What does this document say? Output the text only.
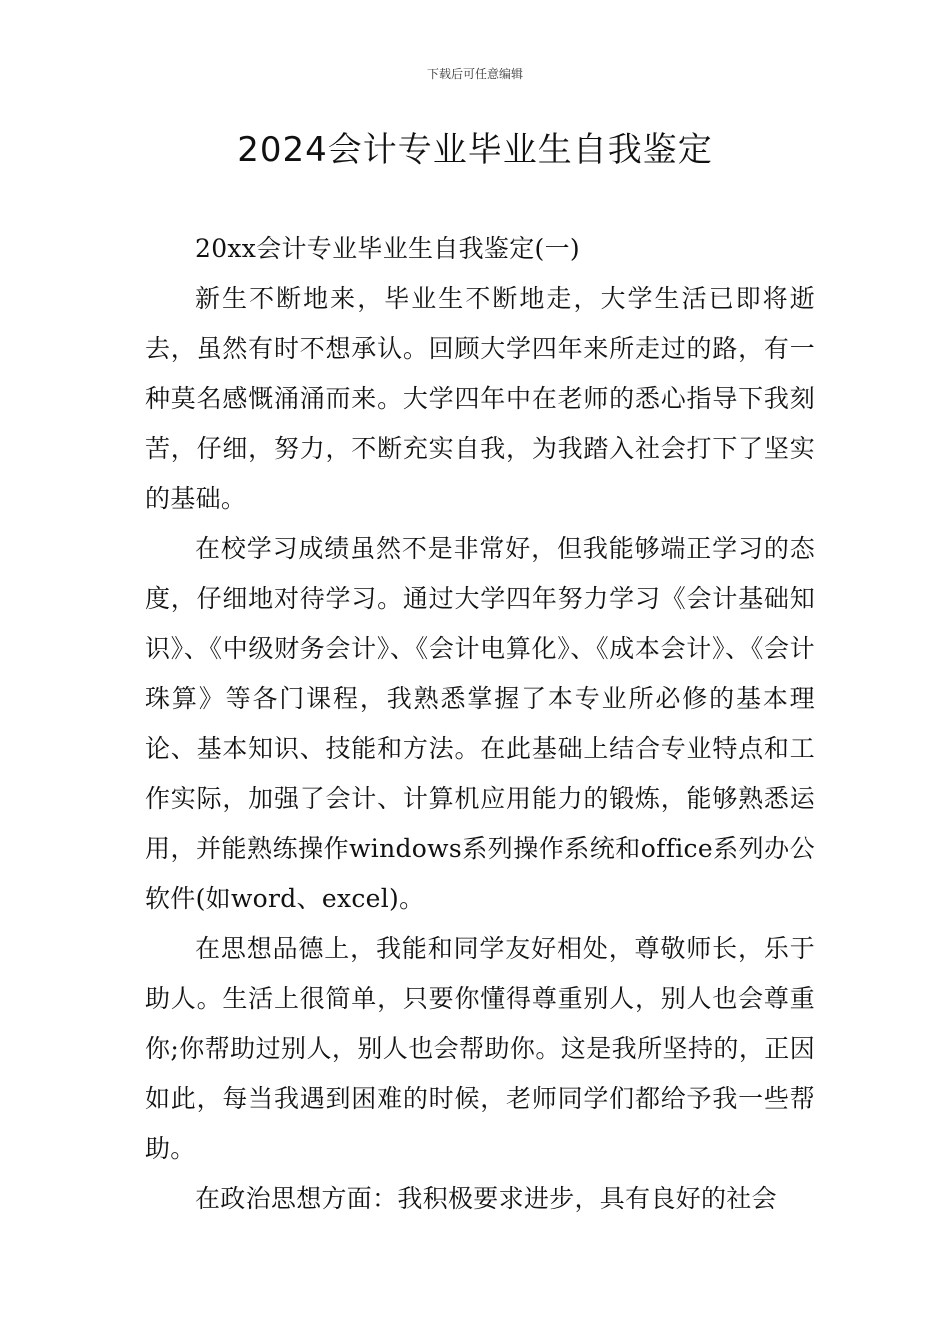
下载后可任意编辑
2024会计专业毕业生自我鉴定

20xx会计专业毕业生自我鉴定(一)

新生不断地来，毕业生不断地走，大学生活已即将逝去，虽然有时不想承认。回顾大学四年来所走过的路，有一种莫名感慨涌涌而来。大学四年中在老师的悉心指导下我刻苦，仔细，努力，不断充实自我，为我踏入社会打下了坚实的基础。

在校学习成绩虽然不是非常好，但我能够端正学习的态度，仔细地对待学习。通过大学四年努力学习《会计基础知识》、《中级财务会计》、《会计电算化》、《成本会计》、《会计珠算》等各门课程，我熟悉掌握了本专业所必修的基本理论、基本知识、技能和方法。在此基础上结合专业特点和工作实际，加强了会计、计算机应用能力的锻炼，能够熟悉运用，并能熟练操作windows系列操作系统和office系列办公软件(如word、excel)。

在思想品德上，我能和同学友好相处，尊敬师长，乐于助人。生活上很简单，只要你懂得尊重别人，别人也会尊重你;你帮助过别人，别人也会帮助你。这是我所坚持的，正因如此，每当我遇到困难的时候，老师同学们都给予我一些帮助。

在政治思想方面：我积极要求进步，具有良好的社会
